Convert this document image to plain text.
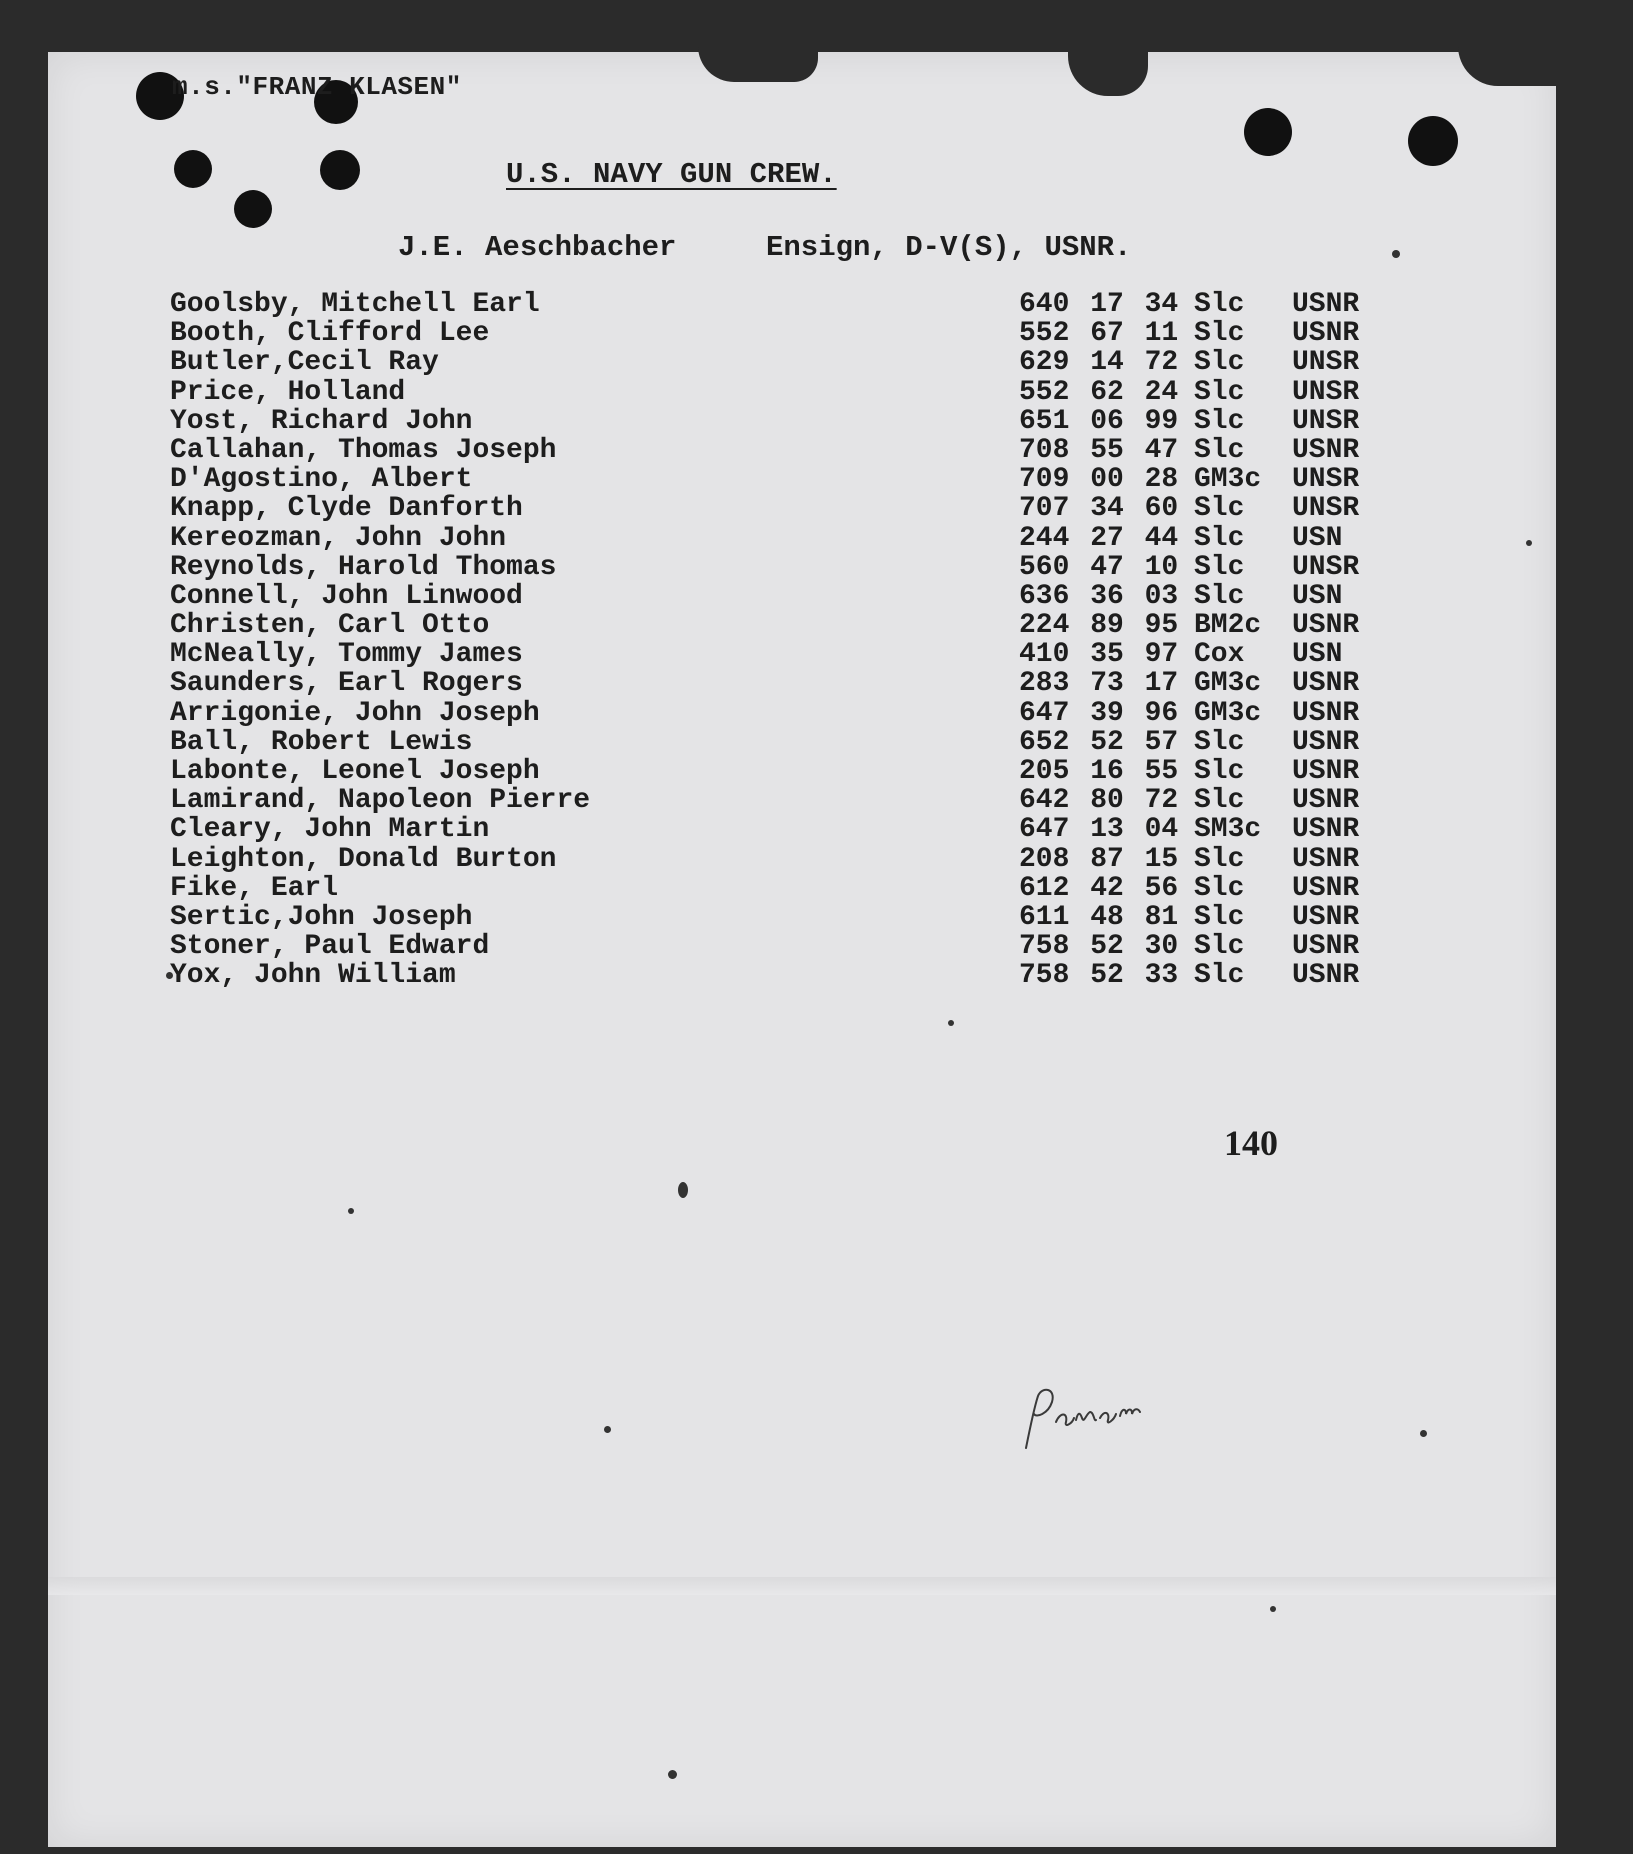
m.s."FRANZ KLASEN"
U.S. NAVY GUN CREW.
J.E. Aeschbacher	Ensign, D-V(S), USNR.
Goolsby, Mitchell Earl	640 17 34 Slc USNR
Booth, Clifford Lee	552 67 11 Slc USNR
Butler,Cecil Ray	629 14 72 Slc UNSR
Price, Holland	552 62 24 Slc UNSR
Yost, Richard John	651 06 99 Slc UNSR
Callahan, Thomas Joseph	708 55 47 Slc USNR
D'Agostino, Albert	709 00 28 GM3c UNSR
Knapp, Clyde Danforth	707 34 60 Slc UNSR
Kereozman, John John	244 27 44 Slc USN
Reynolds, Harold Thomas	560 47 10 Slc UNSR
Connell, John Linwood	636 36 03 Slc USN
Christen, Carl Otto	224 89 95 BM2c USNR
McNeally, Tommy James	410 35 97 Cox USN
Saunders, Earl Rogers	283 73 17 GM3c USNR
Arrigonie, John Joseph	647 39 96 GM3c USNR
Ball, Robert Lewis	652 52 57 Slc USNR
Labonte, Leonel Joseph	205 16 55 Slc USNR
Lamirand, Napoleon Pierre	642 80 72 Slc USNR
Cleary, John Martin	647 13 04 SM3c USNR
Leighton, Donald Burton	208 87 15 Slc USNR
Fike, Earl	612 42 56 Slc USNR
Sertic,John Joseph	611 48 81 Slc USNR
Stoner, Paul Edward	758 52 30 Slc USNR
Yox, John William	758 52 33 Slc USNR
140
